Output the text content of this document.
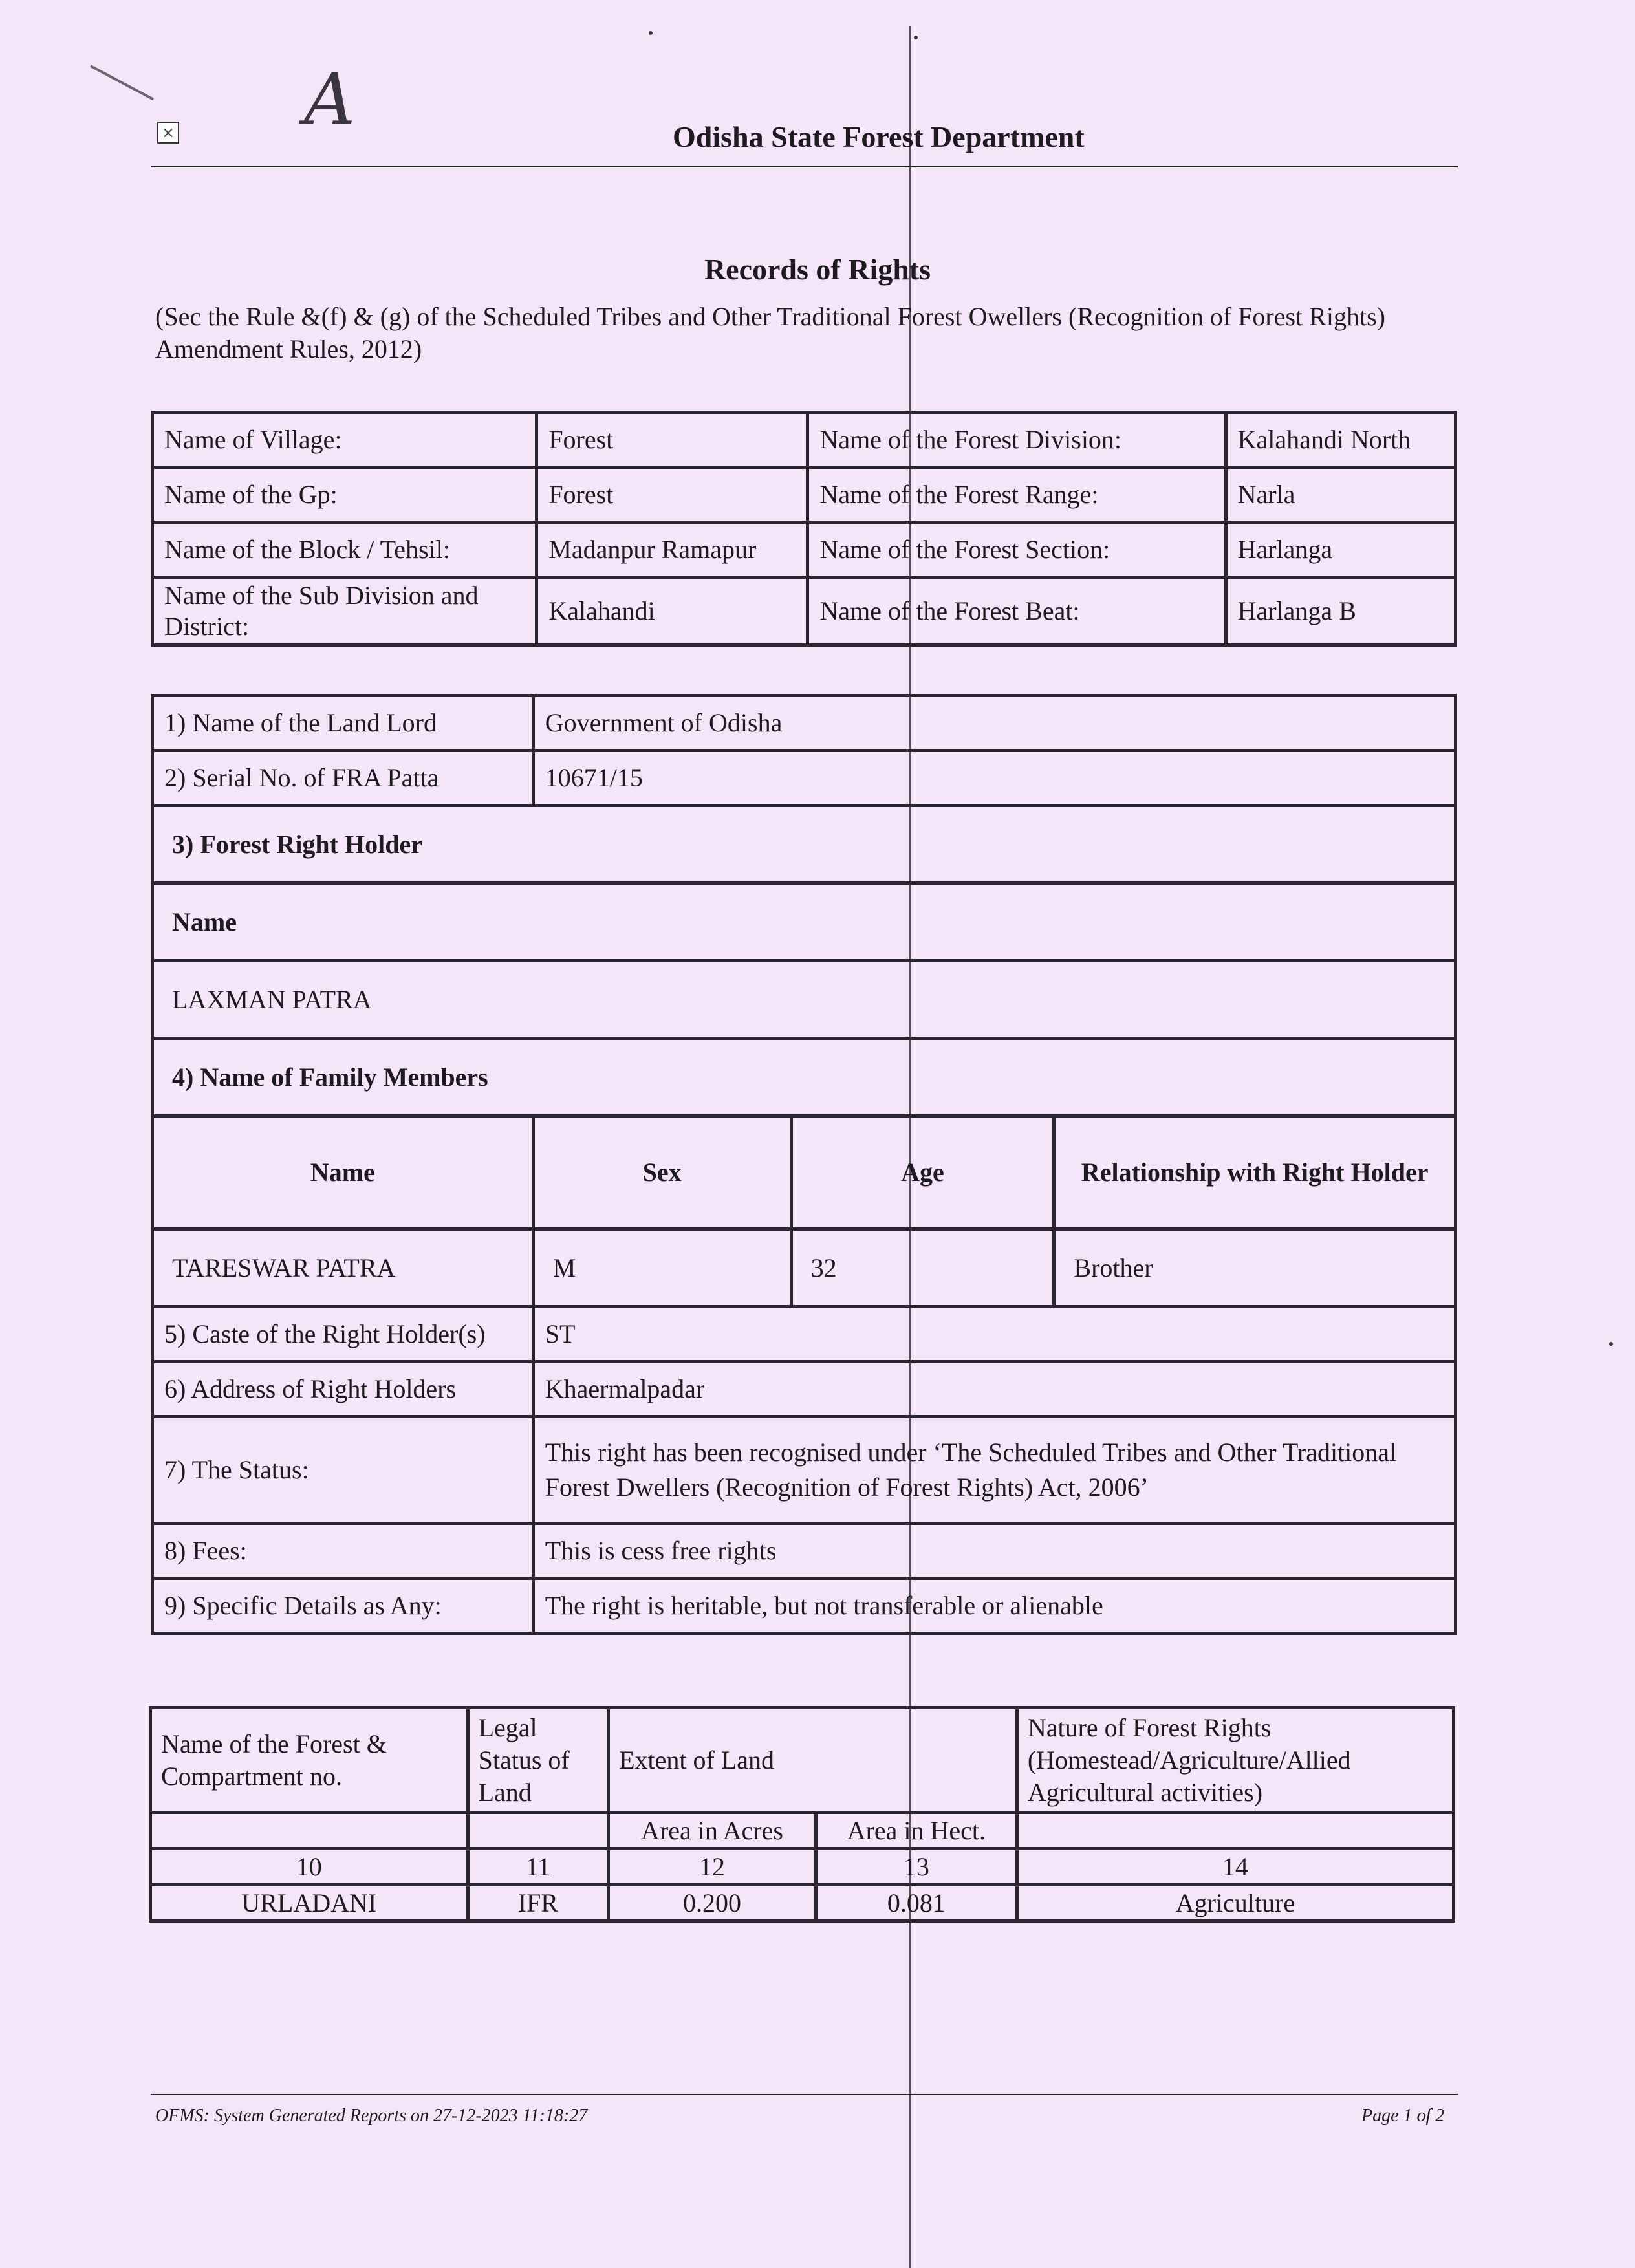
A
×	Odisha State Forest Department
Records of Rights
(Sec the Rule &(f) & (g) of the Scheduled Tribes and Other Traditional Forest Owellers (Recognition of Forest Rights) Amendment Rules, 2012)
Name of Village:	Forest	Name of the Forest Division:	Kalahandi North
Name of the Gp:	Forest	Name of the Forest Range:	Narla
Name of the Block / Tehsil:	Madanpur Ramapur	Name of the Forest Section:	Harlanga
Name of the Sub Division and District:	Kalahandi	Name of the Forest Beat:	Harlanga B
1) Name of the Land Lord	Government of Odisha		
2) Serial No. of FRA Patta	10671/15		
3) Forest Right Holder			
Name			
LAXMAN PATRA			
4) Name of Family Members			
Name	Sex	Age	Relationship with Right Holder
TARESWAR PATRA	M	32	Brother
5) Caste of the Right Holder(s)	ST		
6) Address of Right Holders	Khaermalpadar		
7) The Status:	This right has been recognised under ‘The Scheduled Tribes and Other Traditional
Forest Dwellers (Recognition of Forest Rights) Act, 2006’		
8) Fees:	This is cess free rights		
9) Specific Details as Any:	The right is heritable, but not transferable or alienable		
Name of the Forest & Compartment no.	Legal Status of Land	Extent of Land		Nature of Forest Rights (Homestead/Agriculture/Allied Agricultural activities)
		Area in Acres	Area in Hect.	
10	11	12	13	14
URLADANI	IFR	0.200	0.081	Agriculture
OFMS: System Generated Reports on 27-12-2023 11:18:27	Page 1 of 2
